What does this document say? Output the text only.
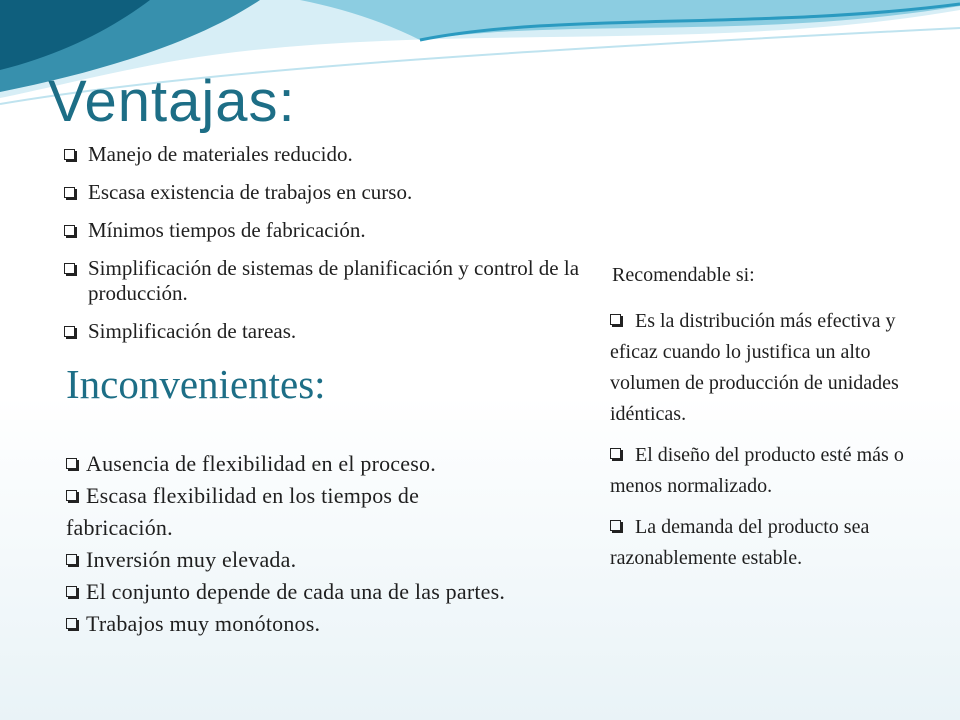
Ventajas:
Manejo de materiales reducido.
Escasa existencia de trabajos en curso.
Mínimos tiempos de fabricación.
Simplificación de sistemas de planificación y control de la producción.
Simplificación de tareas.
Inconvenientes:
Ausencia de flexibilidad en el proceso.
Escasa flexibilidad en los tiempos de fabricación.
Inversión muy elevada.
El conjunto depende de cada una de las partes.
Trabajos muy monótonos.

Recomendable si:

Es la distribución más efectiva y eficaz cuando lo justifica un alto volumen de producción de unidades idénticas.
El diseño del producto esté más o menos normalizado.
La demanda del producto sea razonablemente estable.
